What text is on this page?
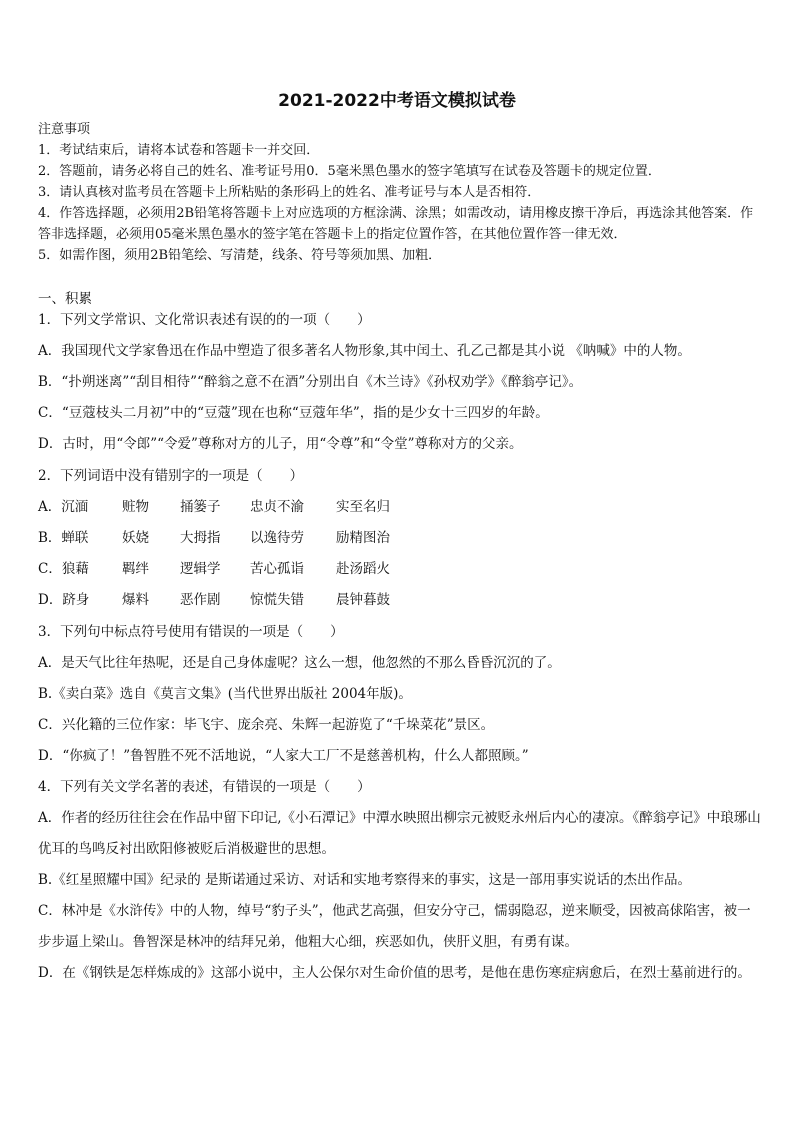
2021-2022中考语文模拟试卷
注意事项
1．考试结束后，请将本试卷和答题卡一并交回．
2．答题前，请务必将自己的姓名、准考证号用0．5毫米黑色墨水的签字笔填写在试卷及答题卡的规定位置．
3．请认真核对监考员在答题卡上所粘贴的条形码上的姓名、准考证号与本人是否相符．
4．作答选择题，必须用2B铅笔将答题卡上对应选项的方框涂满、涂黑；如需改动，请用橡皮擦干净后，再选涂其他答案．作答非选择题，必须用05毫米黑色墨水的签字笔在答题卡上的指定位置作答，在其他位置作答一律无效．
5．如需作图，须用2B铅笔绘、写清楚，线条、符号等须加黑、加粗．
一、积累
1．下列文学常识、文化常识表述有误的的一项（　　）
A．我国现代文学家鲁迅在作品中塑造了很多著名人物形象,其中闰土、孔乙己都是其小说 《呐喊》中的人物。
B．“扑朔迷离”“刮目相待”“醉翁之意不在酒”分别出自《木兰诗》《孙权劝学》《醉翁亭记》。
C．“豆蔻枝头二月初”中的“豆蔻”现在也称“豆蔻年华”，指的是少女十三四岁的年龄。
D．古时，用“令郎”“令爱”尊称对方的儿子，用“令尊”和“令堂”尊称对方的父亲。
2．下列词语中没有错别字的一项是（　　）
A．沉湎	赃物	捅篓子	忠贞不渝	实至名归
B．蝉联	妖娆	大拇指	以逸待劳	励精图治
C．狼藉	羁绊	逻辑学	苦心孤诣	赴汤蹈火
D．跻身	爆料	恶作剧	惊慌失错	晨钟暮鼓
3．下列句中标点符号使用有错误的一项是（　　）
A．是天气比往年热呢，还是自己身体虚呢？这么一想，他忽然的不那么昏昏沉沉的了。
B.《卖白菜》选自《莫言文集》(当代世界出版社 2004年版)。
C．兴化籍的三位作家：毕飞宇、庞余亮、朱辉一起游览了“千垛菜花”景区。
D．“你疯了！”鲁智胜不死不活地说，“人家大工厂不是慈善机构，什么人都照顾。”
4．下列有关文学名著的表述，有错误的一项是（　　）
A．作者的经历往往会在作品中留下印记,《小石潭记》中潭水映照出柳宗元被贬永州后内心的凄凉。《醉翁亭记》中琅琊山优耳的鸟鸣反衬出欧阳修被贬后消极避世的思想。
B.《红星照耀中国》纪录的 是斯诺通过采访、对话和实地考察得来的事实，这是一部用事实说话的杰出作品。
C．林冲是《水浒传》中的人物，绰号“豹子头”，他武艺高强，但安分守己，懦弱隐忍，逆来顺受，因被高俅陷害，被一步步逼上梁山。鲁智深是林冲的结拜兄弟，他粗大心细，疾恶如仇，侠肝义胆，有勇有谋。
D．在《钢铁是怎样炼成的》这部小说中，主人公保尔对生命价值的思考，是他在患伤寒症病愈后，在烈士墓前进行的。
